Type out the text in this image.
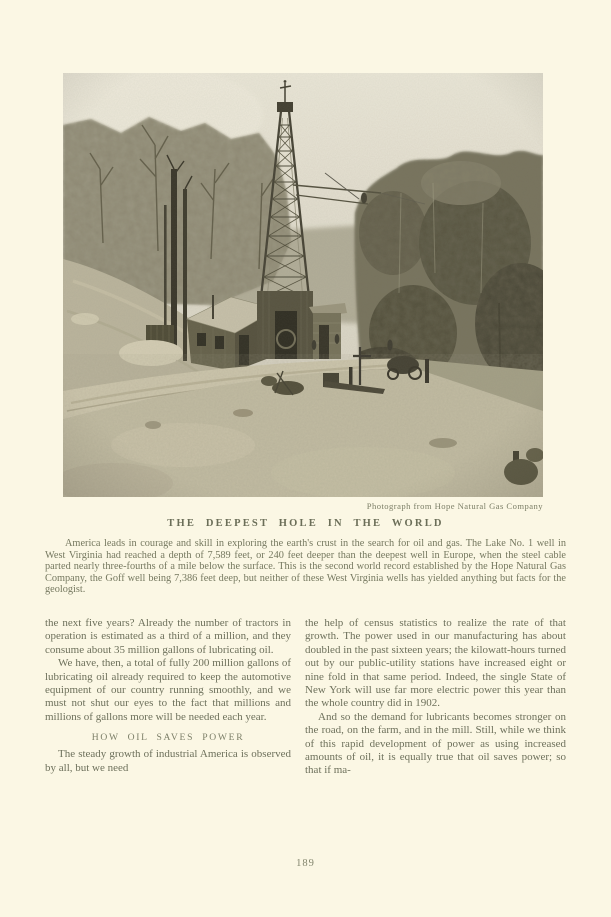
Photograph from Hope Natural Gas Company
THE DEEPEST HOLE IN THE WORLD

America leads in courage and skill in exploring the earth's crust in the search for oil and gas. The Lake No. 1 well in West Virginia had reached a depth of 7,589 feet, or 240 feet deeper than the deepest well in Europe, when the steel cable parted nearly three-fourths of a mile below the surface. This is the second world record established by the Hope Natural Gas Company, the Goff well being 7,386 feet deep, but neither of these West Virginia wells has yielded anything but facts for the geologist.

the next five years? Already the number of tractors in operation is estimated as a third of a million, and they consume about 35 million gallons of lubricating oil.

We have, then, a total of fully 200 million gallons of lubricating oil already required to keep the automotive equipment of our country running smoothly, and we must not shut our eyes to the fact that millions and millions of gallons more will be needed each year.

HOW OIL SAVES POWER

The steady growth of industrial America is observed by all, but we need

the help of census statistics to realize the rate of that growth. The power used in our manufacturing has about doubled in the past sixteen years; the kilowatt-hours turned out by our public-utility stations have increased eight or nine fold in that same period. Indeed, the single State of New York will use far more electric power this year than the whole country did in 1902.

And so the demand for lubricants becomes stronger on the road, on the farm, and in the mill. Still, while we think of this rapid development of power as using increased amounts of oil, it is equally true that oil saves power; so that if ma-

189
